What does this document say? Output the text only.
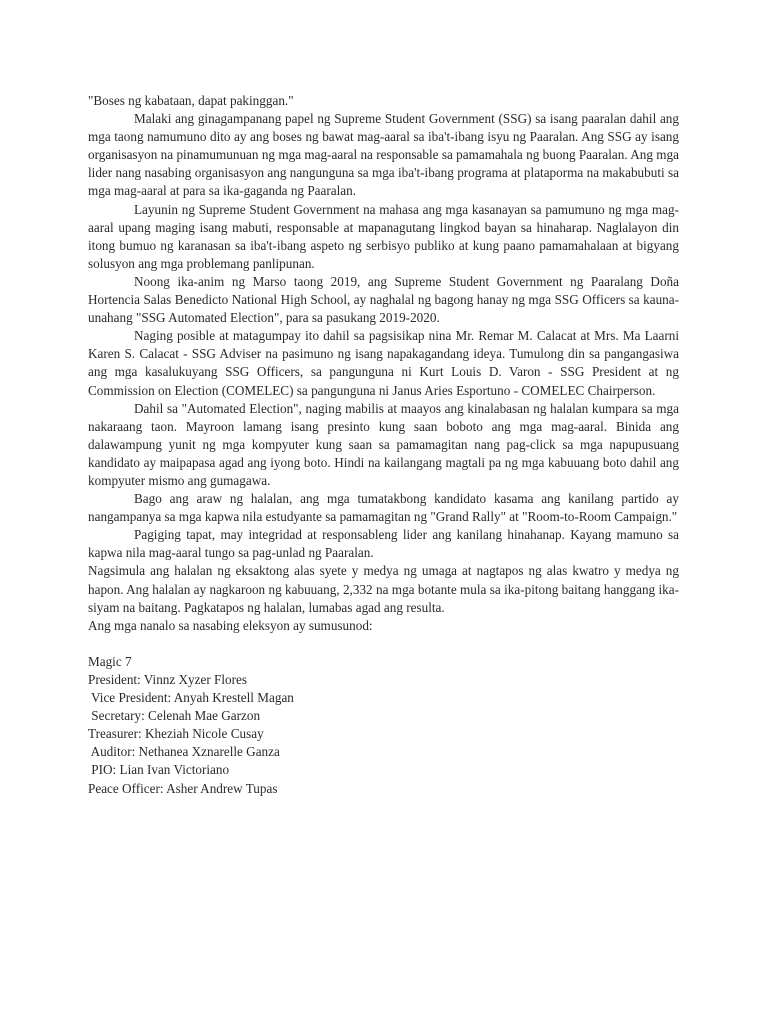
"Boses ng kabataan, dapat pakinggan."

Malaki ang ginagampanang papel ng Supreme Student Government (SSG) sa isang paaralan dahil ang mga taong namumuno dito ay ang boses ng bawat mag-aaral sa iba't-ibang isyu ng Paaralan. Ang SSG ay isang organisasyon na pinamumunuan ng mga mag-aaral na responsable sa pamamahala ng buong Paaralan. Ang mga lider nang nasabing organisasyon ang nangunguna sa mga iba't-ibang programa at plataporma na makabubuti sa mga mag-aaral at para sa ika-gaganda ng Paaralan.

Layunin ng Supreme Student Government na mahasa ang mga kasanayan sa pamumuno ng mga mag-aaral upang maging isang mabuti, responsable at mapanagutang lingkod bayan sa hinaharap. Naglalayon din itong bumuo ng karanasan sa iba't-ibang aspeto ng serbisyo publiko at kung paano pamamahalaan at bigyang solusyon ang mga problemang panlipunan.

Noong ika-anim ng Marso taong 2019, ang Supreme Student Government ng Paaralang Doña Hortencia Salas Benedicto National High School, ay naghalal ng bagong hanay ng mga SSG Officers sa kauna-unahang "SSG Automated Election", para sa pasukang 2019-2020.

Naging posible at matagumpay ito dahil sa pagsisikap nina Mr. Remar M. Calacat at Mrs. Ma Laarni Karen S. Calacat - SSG Adviser na pasimuno ng isang napakagandang ideya. Tumulong din sa pangangasiwa ang mga kasalukuyang SSG Officers, sa pangunguna ni Kurt Louis D. Varon - SSG President at ng Commission on Election (COMELEC) sa pangunguna ni Janus Aries Esportuno - COMELEC Chairperson.

Dahil sa "Automated Election", naging mabilis at maayos ang kinalabasan ng halalan kumpara sa mga nakaraang taon. Mayroon lamang isang presinto kung saan boboto ang mga mag-aaral. Binida ang dalawampung yunit ng mga kompyuter kung saan sa pamamagitan nang pag-click sa mga napupusuang kandidato ay maipapasa agad ang iyong boto. Hindi na kailangang magtali pa ng mga kabuuang boto dahil ang kompyuter mismo ang gumagawa.

Bago ang araw ng halalan, ang mga tumatakbong kandidato kasama ang kanilang partido ay nangampanya sa mga kapwa nila estudyante sa pamamagitan ng "Grand Rally" at "Room-to-Room Campaign."

Pagiging tapat, may integridad at responsableng lider ang kanilang hinahanap. Kayang mamuno sa kapwa nila mag-aaral tungo sa pag-unlad ng Paaralan.

Nagsimula ang halalan ng eksaktong alas syete y medya ng umaga at nagtapos ng alas kwatro y medya ng hapon. Ang halalan ay nagkaroon ng kabuuang, 2,332 na mga botante mula sa ika-pitong baitang hanggang ika-siyam na baitang. Pagkatapos ng halalan, lumabas agad ang resulta.

Ang mga nanalo sa nasabing eleksyon ay sumusunod:

Magic 7

President: Vinnz Xyzer Flores
Vice President: Anyah Krestell Magan
Secretary: Celenah Mae Garzon
Treasurer: Kheziah Nicole Cusay
Auditor: Nethanea Xznarelle Ganza
PIO: Lian Ivan Victoriano
Peace Officer: Asher Andrew Tupas
